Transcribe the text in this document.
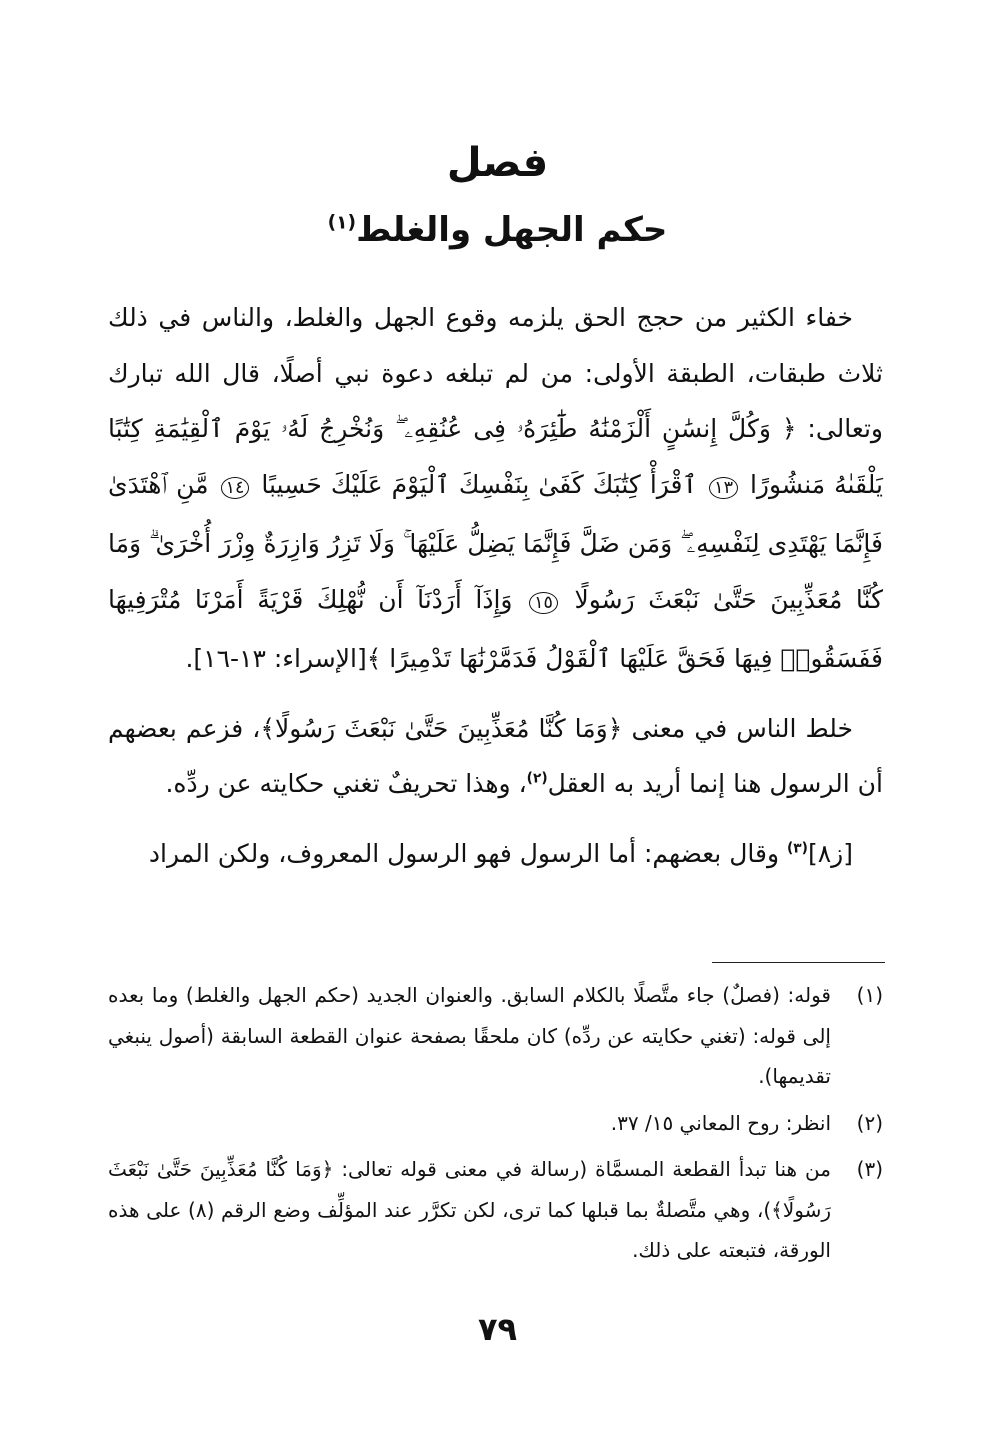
فصل
حكم الجهل والغلط$^{(١)}$

خفاء الكثير من حجج الحق يلزمه وقوع الجهل والغلط، والناس في ذلك ثلاث طبقات، الطبقة الأولى: من لم تبلغه دعوة نبي أصلًا، قال الله تبارك وتعالى: ﴿ وَكُلَّ إِنسَٰنٍ أَلْزَمْنَٰهُ طَٰٓئِرَهُۥ فِى عُنُقِهِۦ ۖ وَنُخْرِجُ لَهُۥ يَوْمَ ٱلْقِيَٰمَةِ كِتَٰبًا يَلْقَىٰهُ مَنشُورًا ١٣ ٱقْرَأْ كِتَٰبَكَ كَفَىٰ بِنَفْسِكَ ٱلْيَوْمَ عَلَيْكَ حَسِيبًا ١٤ مَّنِ ٱهْتَدَىٰ فَإِنَّمَا يَهْتَدِى لِنَفْسِهِۦ ۖ وَمَن ضَلَّ فَإِنَّمَا يَضِلُّ عَلَيْهَا ۚ وَلَا تَزِرُ وَازِرَةٌ وِزْرَ أُخْرَىٰ ۗ وَمَا كُنَّا مُعَذِّبِينَ حَتَّىٰ نَبْعَثَ رَسُولًا ١٥ وَإِذَآ أَرَدْنَآ أَن نُّهْلِكَ قَرْيَةً أَمَرْنَا مُتْرَفِيهَا فَفَسَقُوا۟ فِيهَا فَحَقَّ عَلَيْهَا ٱلْقَوْلُ فَدَمَّرْنَٰهَا تَدْمِيرًا ﴾[الإسراء: ١٣-١٦].

خلط الناس في معنى ﴿وَمَا كُنَّا مُعَذِّبِينَ حَتَّىٰ نَبْعَثَ رَسُولًا﴾، فزعم بعضهم أن الرسول هنا إنما أريد به العقل$^{(٢)}$، وهذا تحريفٌ تغني حكايته عن ردِّه.

[ز٨]$^{(٣)}$ وقال بعضهم: أما الرسول فهو الرسول المعروف، ولكن المراد

(١)
قوله: (فصلٌ) جاء متَّصلًا بالكلام السابق. والعنوان الجديد (حكم الجهل والغلط) وما بعده إلى قوله: (تغني حكايته عن ردِّه) كان ملحقًا بصفحة عنوان القطعة السابقة (أصول ينبغي تقديمها).
(٢)
انظر: روح المعاني ١٥/ ٣٧.
(٣)
من هنا تبدأ القطعة المسمَّاة (رسالة في معنى قوله تعالى: ﴿وَمَا كُنَّا مُعَذِّبِينَ حَتَّىٰ نَبْعَثَ رَسُولًا﴾)، وهي متَّصلةٌ بما قبلها كما ترى، لكن تكرَّر عند المؤلِّف وضع الرقم (٨) على هذه الورقة، فتبعته على ذلك.
٧٩
